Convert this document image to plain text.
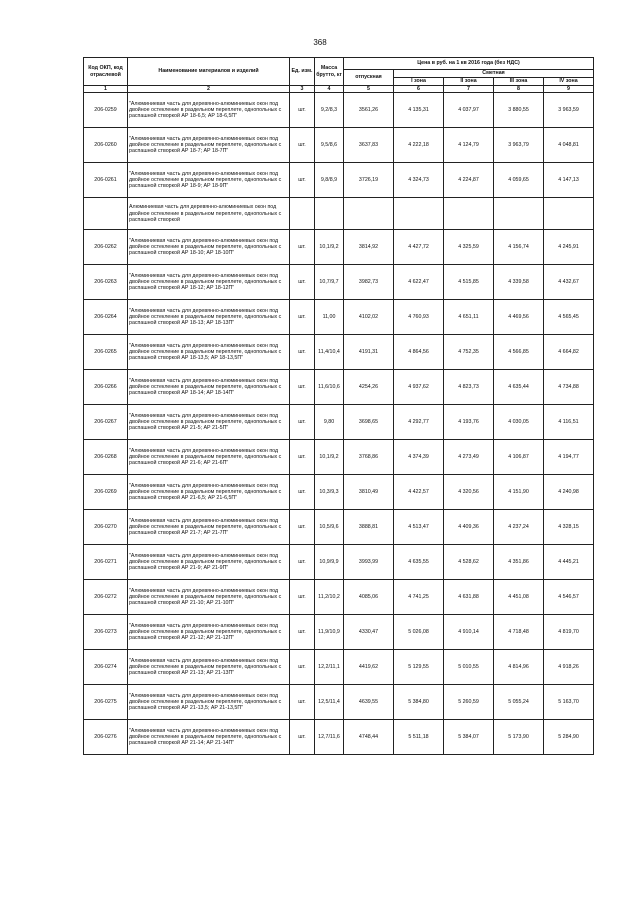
368
Код ОКП, код отраслевой	Наименование материалов и изделий	Ед. изм.	Масса брутто, кг	Цена в руб. на 1 кв 2016 года (без НДС)				
				отпускная	Сметная			
					I зона	II зона	III зона	IV зона
1	2	3	4	5	6	7	8	9
206-0259	"Алюминиевая часть для деревянно-алюминиевых окон под двойное остекление в раздельном переплете, однопольных с распашной створкой АР 18-6,5; АР 18-6,5П"	шт.	9,2/8,3	3561,26	4 135,31	4 037,97	3 880,55	3 963,59
206-0260	"Алюминиевая часть для деревянно-алюминиевых окон под двойное остекление в раздельном переплете, однопольных с распашной створкой АР 18-7; АР 18-7П"	шт.	9,5/8,6	3637,83	4 222,18	4 124,79	3 963,79	4 048,81
206-0261	"Алюминиевая часть для деревянно-алюминиевых окон под двойное остекление в раздельном переплете, однопольных с распашной створкой АР 18-9; АР 18-9П"	шт.	9,8/8,9	3726,19	4 324,73	4 224,87	4 059,65	4 147,13
	Алюминиевая часть для деревянно-алюминиевых окон под двойное остекление в раздельном переплете, однопольных с распашной створкой							
206-0262	"Алюминиевая часть для деревянно-алюминиевых окон под двойное остекление в раздельном переплете, однопольных с распашной створкой АР 18-10; АР 18-10П"	шт.	10,1/9,2	3814,92	4 427,72	4 325,59	4 156,74	4 245,91
206-0263	"Алюминиевая часть для деревянно-алюминиевых окон под двойное остекление в раздельном переплете, однопольных с распашной створкой АР 18-12; АР 18-12П"	шт.	10,7/9,7	3982,73	4 622,47	4 515,85	4 339,58	4 432,67
206-0264	"Алюминиевая часть для деревянно-алюминиевых окон под двойное остекление в раздельном переплете, однопольных с распашной створкой АР 18-13; АР 18-13П"	шт.	11,00	4102,02	4 760,93	4 651,11	4 469,56	4 565,45
206-0265	"Алюминиевая часть для деревянно-алюминиевых окон под двойное остекление в раздельном переплете, однопольных с распашной створкой АР 18-13,5; АР 18-13,5П"	шт.	11,4/10,4	4191,31	4 864,56	4 752,35	4 566,85	4 664,82
206-0266	"Алюминиевая часть для деревянно-алюминиевых окон под двойное остекление в раздельном переплете, однопольных с распашной створкой АР 18-14; АР 18-14П"	шт.	11,6/10,6	4254,26	4 937,62	4 823,73	4 635,44	4 734,88
206-0267	"Алюминиевая часть для деревянно-алюминиевых окон под двойное остекление в раздельном переплете, однопольных с распашной створкой АР 21-5; АР 21-5П"	шт.	9,80	3698,65	4 292,77	4 193,76	4 030,05	4 116,51
206-0268	"Алюминиевая часть для деревянно-алюминиевых окон под двойное остекление в раздельном переплете, однопольных с распашной створкой АР 21-6; АР 21-6П"	шт.	10,1/9,2	3768,86	4 374,39	4 273,49	4 106,87	4 194,77
206-0269	"Алюминиевая часть для деревянно-алюминиевых окон под двойное остекление в раздельном переплете, однопольных с распашной створкой АР 21-6,5; АР 21-6,5П"	шт.	10,3/9,3	3810,49	4 422,57	4 320,56	4 151,90	4 240,98
206-0270	"Алюминиевая часть для деревянно-алюминиевых окон под двойное остекление в раздельном переплете, однопольных с распашной створкой АР 21-7; АР 21-7П"	шт.	10,5/9,6	3888,81	4 513,47	4 409,36	4 237,24	4 328,15
206-0271	"Алюминиевая часть для деревянно-алюминиевых окон под двойное остекление в раздельном переплете, однопольных с распашной створкой АР 21-9; АР 21-9П"	шт.	10,9/9,9	3993,99	4 635,55	4 528,62	4 351,86	4 445,21
206-0272	"Алюминиевая часть для деревянно-алюминиевых окон под двойное остекление в раздельном переплете, однопольных с распашной створкой АР 21-10; АР 21-10П"	шт.	11,2/10,2	4085,06	4 741,25	4 631,88	4 451,08	4 546,57
206-0273	"Алюминиевая часть для деревянно-алюминиевых окон под двойное остекление в раздельном переплете, однопольных с распашной створкой АР 21-12; АР 21-12П"	шт.	11,9/10,9	4330,47	5 026,08	4 910,14	4 718,48	4 819,70
206-0274	"Алюминиевая часть для деревянно-алюминиевых окон под двойное остекление в раздельном переплете, однопольных с распашной створкой АР 21-13; АР 21-13П"	шт.	12,2/11,1	4419,62	5 129,55	5 010,55	4 814,96	4 918,26
206-0275	"Алюминиевая часть для деревянно-алюминиевых окон под двойное остекление в раздельном переплете, однопольных с распашной створкой АР 21-13,5; АР 21-13,5П"	шт.	12,5/11,4	4639,55	5 384,80	5 260,59	5 055,24	5 163,70
206-0276	"Алюминиевая часть для деревянно-алюминиевых окон под двойное остекление в раздельном переплете, однопольных с распашной створкой АР 21-14; АР 21-14П"	шт.	12,7/11,6	4748,44	5 511,18	5 384,07	5 173,90	5 284,90
